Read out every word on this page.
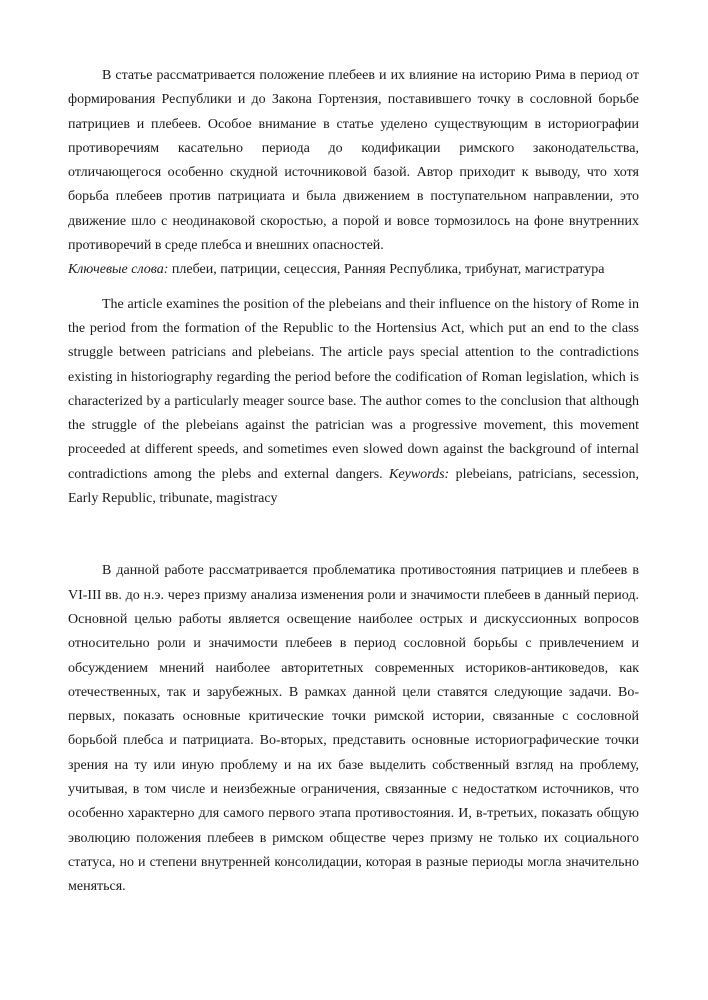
В статье рассматривается положение плебеев и их влияние на историю Рима в период от формирования Республики и до Закона Гортензия, поставившего точку в сословной борьбе патрициев и плебеев. Особое внимание в статье уделено существующим в историографии противоречиям касательно периода до кодификации римского законодательства, отличающегося особенно скудной источниковой базой. Автор приходит к выводу, что хотя борьба плебеев против патрициата и была движением в поступательном направлении, это движение шло с неодинаковой скоростью, а порой и вовсе тормозилось на фоне внутренних противоречий в среде плебса и внешних опасностей.
Ключевые слова: плебеи, патриции, сецессия, Ранняя Республика, трибунат, магистратура

The article examines the position of the plebeians and their influence on the history of Rome in the period from the formation of the Republic to the Hortensius Act, which put an end to the class struggle between patricians and plebeians. The article pays special attention to the contradictions existing in historiography regarding the period before the codification of Roman legislation, which is characterized by a particularly meager source base. The author comes to the conclusion that although the struggle of the plebeians against the patrician was a progressive movement, this movement proceeded at different speeds, and sometimes even slowed down against the background of internal contradictions among the plebs and external dangers. Keywords: plebeians, patricians, secession, Early Republic, tribunate, magistracy

В данной работе рассматривается проблематика противостояния патрициев и плебеев в VI-III вв. до н.э. через призму анализа изменения роли и значимости плебеев в данный период. Основной целью работы является освещение наиболее острых и дискуссионных вопросов относительно роли и значимости плебеев в период сословной борьбы с привлечением и обсуждением мнений наиболее авторитетных современных историков-антиковедов, как отечественных, так и зарубежных. В рамках данной цели ставятся следующие задачи. Во-первых, показать основные критические точки римской истории, связанные с сословной борьбой плебса и патрициата. Во-вторых, представить основные историографические точки зрения на ту или иную проблему и на их базе выделить собственный взгляд на проблему, учитывая, в том числе и неизбежные ограничения, связанные с недостатком источников, что особенно характерно для самого первого этапа противостояния. И, в-третьих, показать общую эволюцию положения плебеев в римском обществе через призму не только их социального статуса, но и степени внутренней консолидации, которая в разные периоды могла значительно меняться.
